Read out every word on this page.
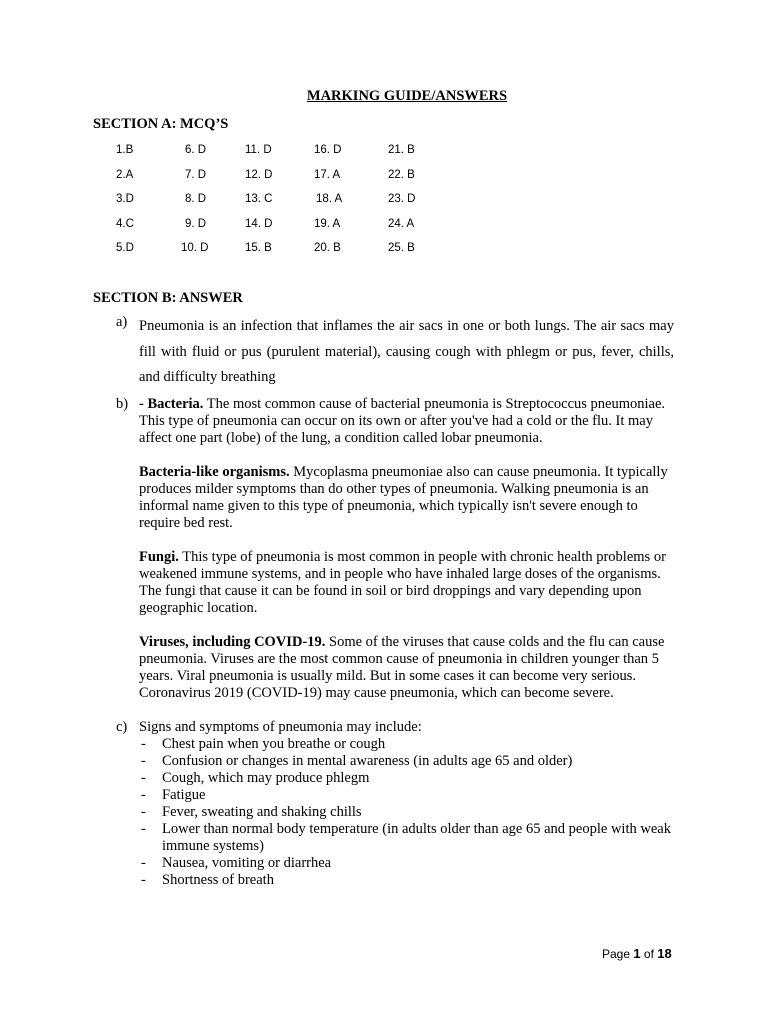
MARKING GUIDE/ANSWERS
SECTION A: MCQ’S
1.B	6. D	11. D	16. D	21. B
2.A	7. D	12. D	17. A	22. B
3.D	8. D	13. C	18. A	23. D
4.C	9. D	14. D	19. A	24. A
5.D	10. D	15. B	20. B	25. B
SECTION B: ANSWER
a) Pneumonia is an infection that inflames the air sacs in one or both lungs. The air sacs may fill with fluid or pus (purulent material), causing cough with phlegm or pus, fever, chills, and difficulty breathing

b) - Bacteria. The most common cause of bacterial pneumonia is Streptococcus pneumoniae. This type of pneumonia can occur on its own or after you've had a cold or the flu. It may affect one part (lobe) of the lung, a condition called lobar pneumonia.

Bacteria-like organisms. Mycoplasma pneumoniae also can cause pneumonia. It typically produces milder symptoms than do other types of pneumonia. Walking pneumonia is an informal name given to this type of pneumonia, which typically isn't severe enough to require bed rest.

Fungi. This type of pneumonia is most common in people with chronic health problems or weakened immune systems, and in people who have inhaled large doses of the organisms. The fungi that cause it can be found in soil or bird droppings and vary depending upon geographic location.

Viruses, including COVID-19. Some of the viruses that cause colds and the flu can cause pneumonia. Viruses are the most common cause of pneumonia in children younger than 5 years. Viral pneumonia is usually mild. But in some cases it can become very serious. Coronavirus 2019 (COVID-19) may cause pneumonia, which can become severe.

c) Signs and symptoms of pneumonia may include:

- Chest pain when you breathe or cough
- Confusion or changes in mental awareness (in adults age 65 and older)
- Cough, which may produce phlegm
- Fatigue
- Fever, sweating and shaking chills
- Lower than normal body temperature (in adults older than age 65 and people with weak immune systems)
- Nausea, vomiting or diarrhea
- Shortness of breath
Page 1 of 18
